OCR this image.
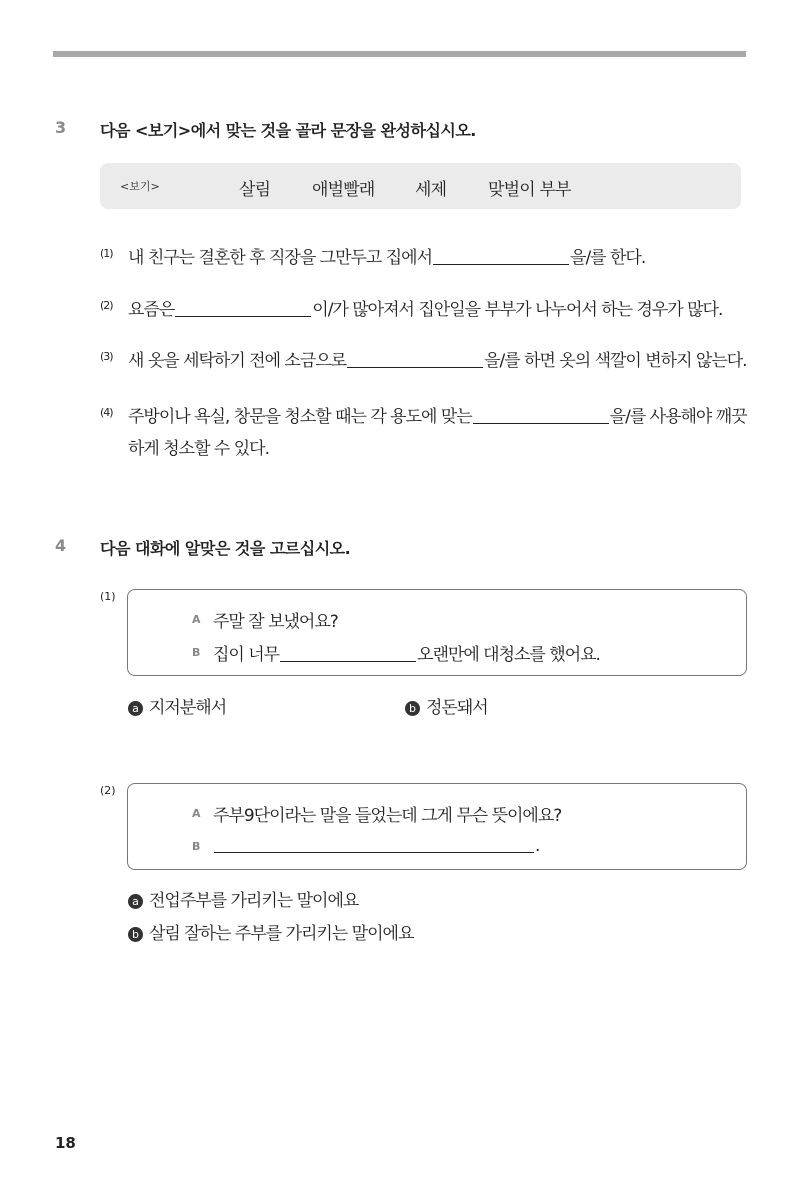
3 다음 <보기>에서 맞는 것을 골라 문장을 완성하십시오.
<보기>	살림 애벌빨래 세제 맞벌이 부부
(1) 내 친구는 결혼한 후 직장을 그만두고 집에서	을/를 한다.
(2) 요즘은	이/가 많아져서 집안일을 부부가 나누어서 하는 경우가 많다.
(3) 새 옷을 세탁하기 전에 소금으로	을/를 하면 옷의 색깔이 변하지 않는다.
(4) 주방이나 욕실, 창문을 청소할 때는 각 용도에 맞는	을/를 사용해야 깨끗
하게 청소할 수 있다.
4 다음 대화에 알맞은 것을 고르십시오.
(1)
A 주말 잘 보냈어요?
B 집이 너무	오랜만에 대청소를 했어요.
a 지저분해서	b 정돈돼서
(2)
A 주부9단이라는 말을 들었는데 그게 무슨 뜻이에요?
B	.
a 전업주부를 가리키는 말이에요
b 살림 잘하는 주부를 가리키는 말이에요
18
